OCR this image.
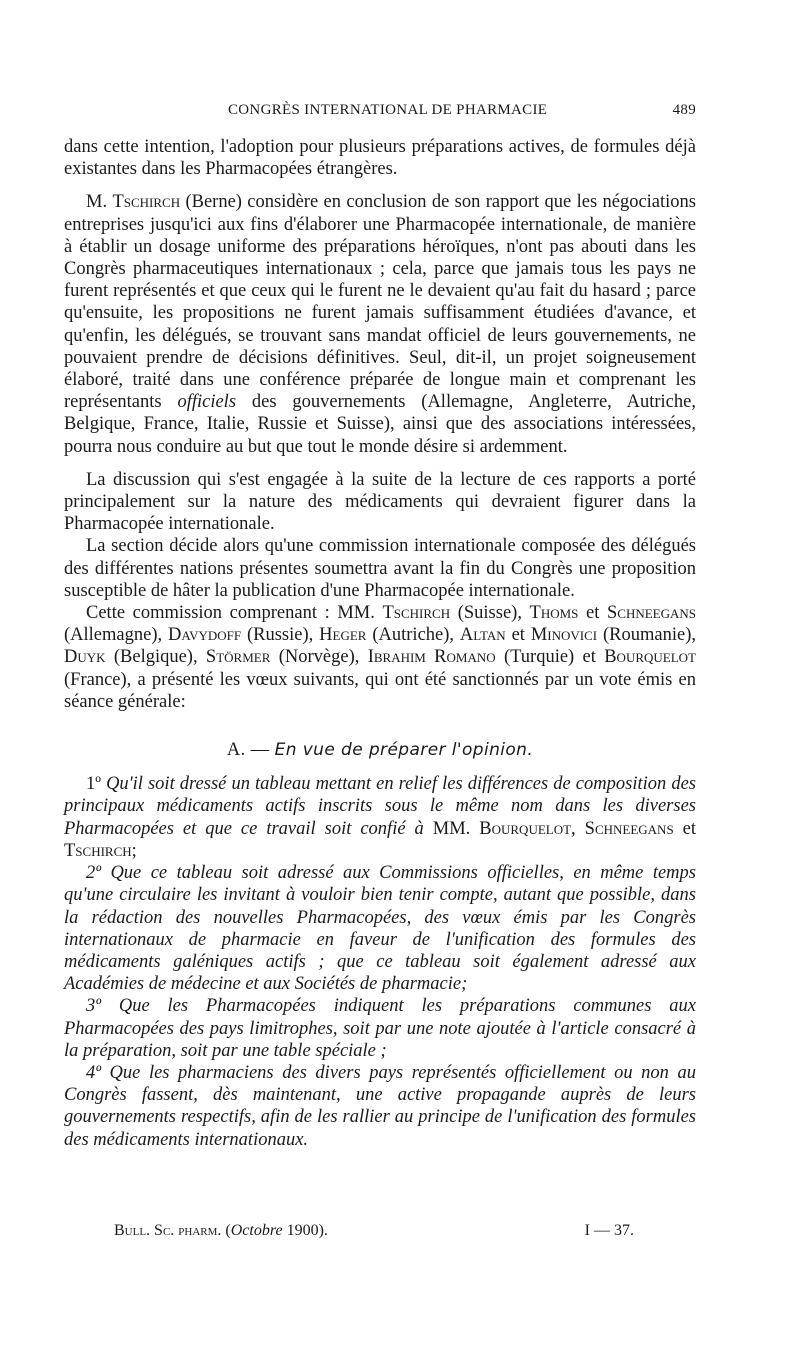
CONGRÈS INTERNATIONAL DE PHARMACIE	489

dans cette intention, l'adoption pour plusieurs préparations actives, de formules déjà existantes dans les Pharmacopées étrangères.

M. Tschirch (Berne) considère en conclusion de son rapport que les négociations entreprises jusqu'ici aux fins d'élaborer une Pharmacopée internationale, de manière à établir un dosage uniforme des préparations héroïques, n'ont pas abouti dans les Congrès pharmaceutiques internationaux ; cela, parce que jamais tous les pays ne furent représentés et que ceux qui le furent ne le devaient qu'au fait du hasard ; parce qu'ensuite, les propositions ne furent jamais suffisamment étudiées d'avance, et qu'enfin, les délégués, se trouvant sans mandat officiel de leurs gouvernements, ne pouvaient prendre de décisions définitives. Seul, dit-il, un projet soigneusement élaboré, traité dans une conférence préparée de longue main et comprenant les représentants officiels des gouvernements (Allemagne, Angleterre, Autriche, Belgique, France, Italie, Russie et Suisse), ainsi que des associations intéressées, pourra nous conduire au but que tout le monde désire si ardemment.

La discussion qui s'est engagée à la suite de la lecture de ces rapports a porté principalement sur la nature des médicaments qui devraient figurer dans la Pharmacopée internationale.

La section décide alors qu'une commission internationale composée des délégués des différentes nations présentes soumettra avant la fin du Congrès une proposition susceptible de hâter la publication d'une Pharmacopée internationale.

Cette commission comprenant : MM. Tschirch (Suisse), Thoms et Schneegans (Allemagne), Davydoff (Russie), Heger (Autriche), Altan et Minovici (Roumanie), Duyk (Belgique), Störmer (Norvège), Ibrahim Romano (Turquie) et Bourquelot (France), a présenté les vœux suivants, qui ont été sanctionnés par un vote émis en séance générale:

A. — En vue de préparer l'opinion.

1º Qu'il soit dressé un tableau mettant en relief les différences de composition des principaux médicaments actifs inscrits sous le même nom dans les diverses Pharmacopées et que ce travail soit confié à MM. Bourquelot, Schneegans et Tschirch;

2º Que ce tableau soit adressé aux Commissions officielles, en même temps qu'une circulaire les invitant à vouloir bien tenir compte, autant que possible, dans la rédaction des nouvelles Pharmacopées, des vœux émis par les Congrès internationaux de pharmacie en faveur de l'unification des formules des médicaments galéniques actifs ; que ce tableau soit également adressé aux Académies de médecine et aux Sociétés de pharmacie;

3º Que les Pharmacopées indiquent les préparations communes aux Pharmacopées des pays limitrophes, soit par une note ajoutée à l'article consacré à la préparation, soit par une table spéciale ;

4º Que les pharmaciens des divers pays représentés officiellement ou non au Congrès fassent, dès maintenant, une active propagande auprès de leurs gouvernements respectifs, afin de les rallier au principe de l'unification des formules des médicaments internationaux.

Bull. Sc. pharm. (Octobre 1900).	I — 37.
